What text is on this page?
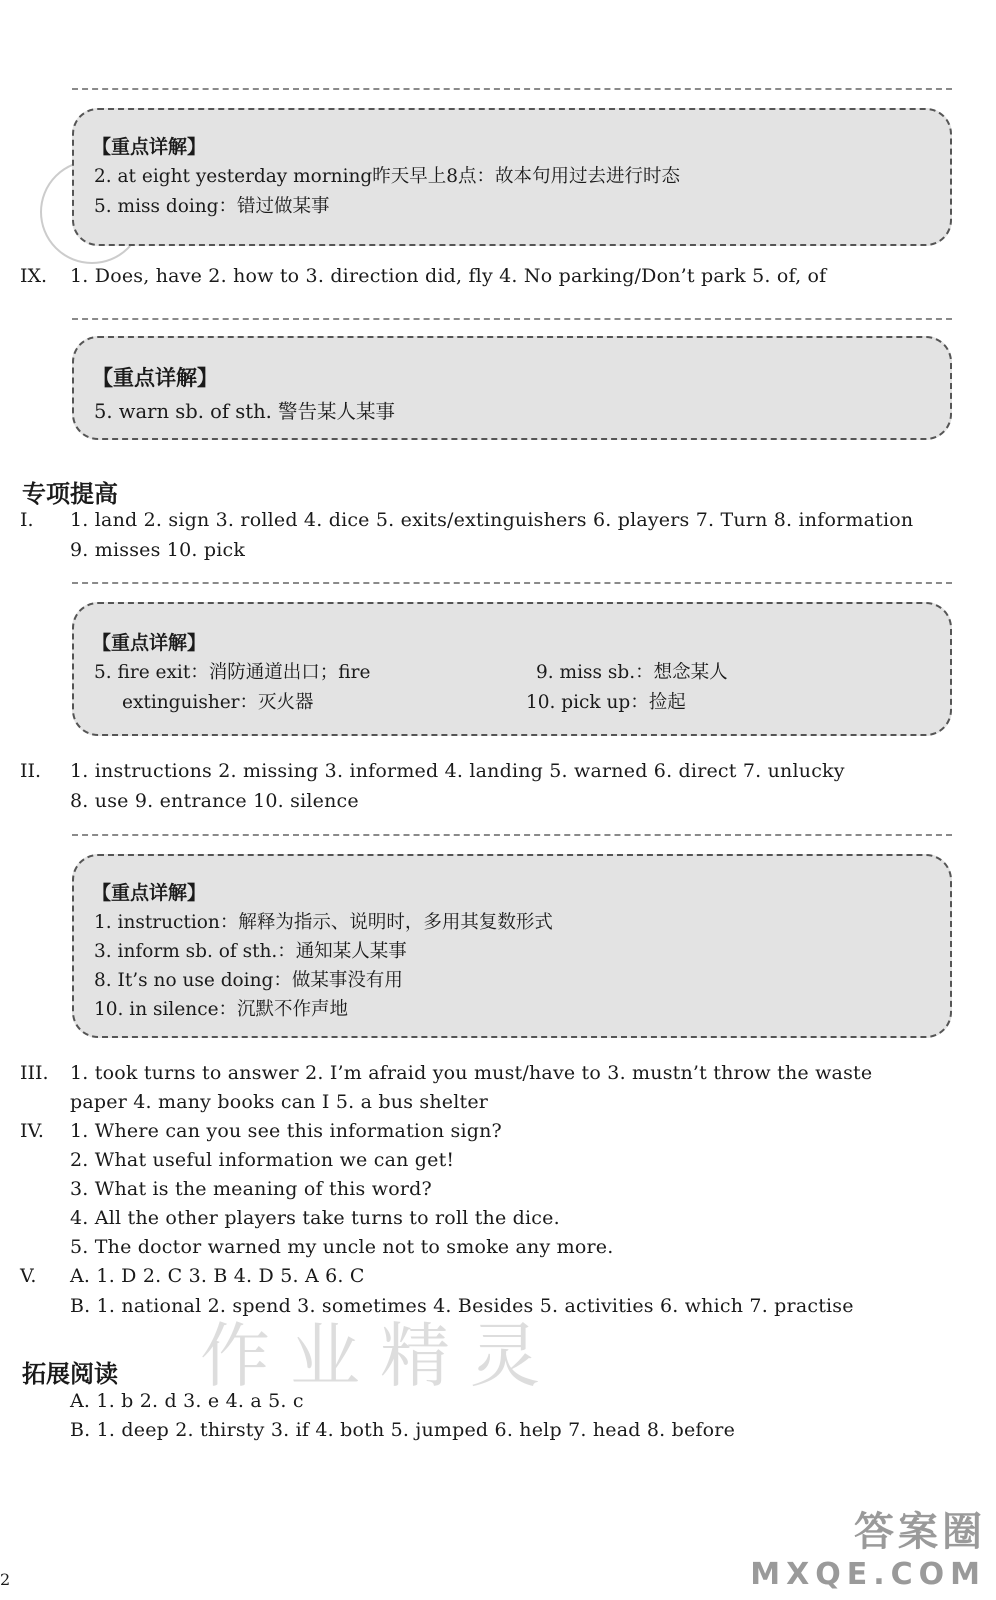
【重点详解】
2. at eight yesterday morning昨天早上8点：故本句用过去进行时态
5. miss doing：错过做某事
IX. 1. Does, have 2. how to 3. direction did, fly 4. No parking/Don’t park 5. of, of
【重点详解】
5. warn sb. of sth. 警告某人某事
专项提高
I. 1. land 2. sign 3. rolled 4. dice 5. exits/extinguishers 6. players 7. Turn 8. information
9. misses 10. pick
【重点详解】
5. fire exit：消防通道出口；fire
extinguisher：灭火器
9. miss sb.：想念某人
10. pick up：捡起
II. 1. instructions 2. missing 3. informed 4. landing 5. warned 6. direct 7. unlucky
8. use 9. entrance 10. silence
【重点详解】
1. instruction：解释为指示、说明时，多用其复数形式
3. inform sb. of sth.：通知某人某事
8. It’s no use doing：做某事没有用
10. in silence：沉默不作声地
III. 1. took turns to answer 2. I’m afraid you must/have to 3. mustn’t throw the waste
paper 4. many books can I 5. a bus shelter
IV. 1. Where can you see this information sign?
2. What useful information we can get!
3. What is the meaning of this word?
4. All the other players take turns to roll the dice.
5. The doctor warned my uncle not to smoke any more.
V. A. 1. D 2. C 3. B 4. D 5. A 6. C
B. 1. national 2. spend 3. sometimes 4. Besides 5. activities 6. which 7. practise
作业精灵
拓展阅读
A. 1. b 2. d 3. e 4. a 5. c
B. 1. deep 2. thirsty 3. if 4. both 5. jumped 6. help 7. head 8. before
2
答案圈
MXQE.COM
